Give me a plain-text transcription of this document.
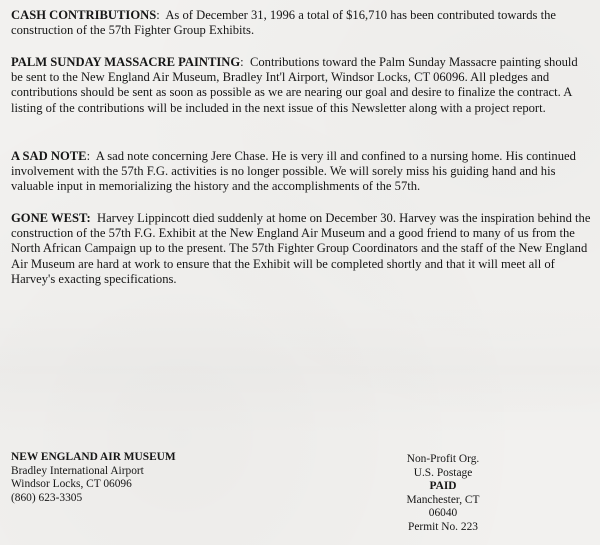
CASH CONTRIBUTIONS: As of December 31, 1996 a total of $16,710 has been contributed towards the construction of the 57th Fighter Group Exhibits.

PALM SUNDAY MASSACRE PAINTING: Contributions toward the Palm Sunday Massacre painting should be sent to the New England Air Museum, Bradley Int'l Airport, Windsor Locks, CT 06096. All pledges and contributions should be sent as soon as possible as we are nearing our goal and desire to finalize the contract. A listing of the contributions will be included in the next issue of this Newsletter along with a project report.

A SAD NOTE: A sad note concerning Jere Chase. He is very ill and confined to a nursing home. His continued involvement with the 57th F.G. activities is no longer possible. We will sorely miss his guiding hand and his valuable input in memorializing the history and the accomplishments of the 57th.

GONE WEST: Harvey Lippincott died suddenly at home on December 30. Harvey was the inspiration behind the construction of the 57th F.G. Exhibit at the New England Air Museum and a good friend to many of us from the North African Campaign up to the present. The 57th Fighter Group Coordinators and the staff of the New England Air Museum are hard at work to ensure that the Exhibit will be completed shortly and that it will meet all of Harvey's exacting specifications.

NEW ENGLAND AIR MUSEUM
Bradley International Airport
Windsor Locks, CT 06096
(860) 623-3305
Non-Profit Org.
U.S. Postage
PAID
Manchester, CT
06040
Permit No. 223
